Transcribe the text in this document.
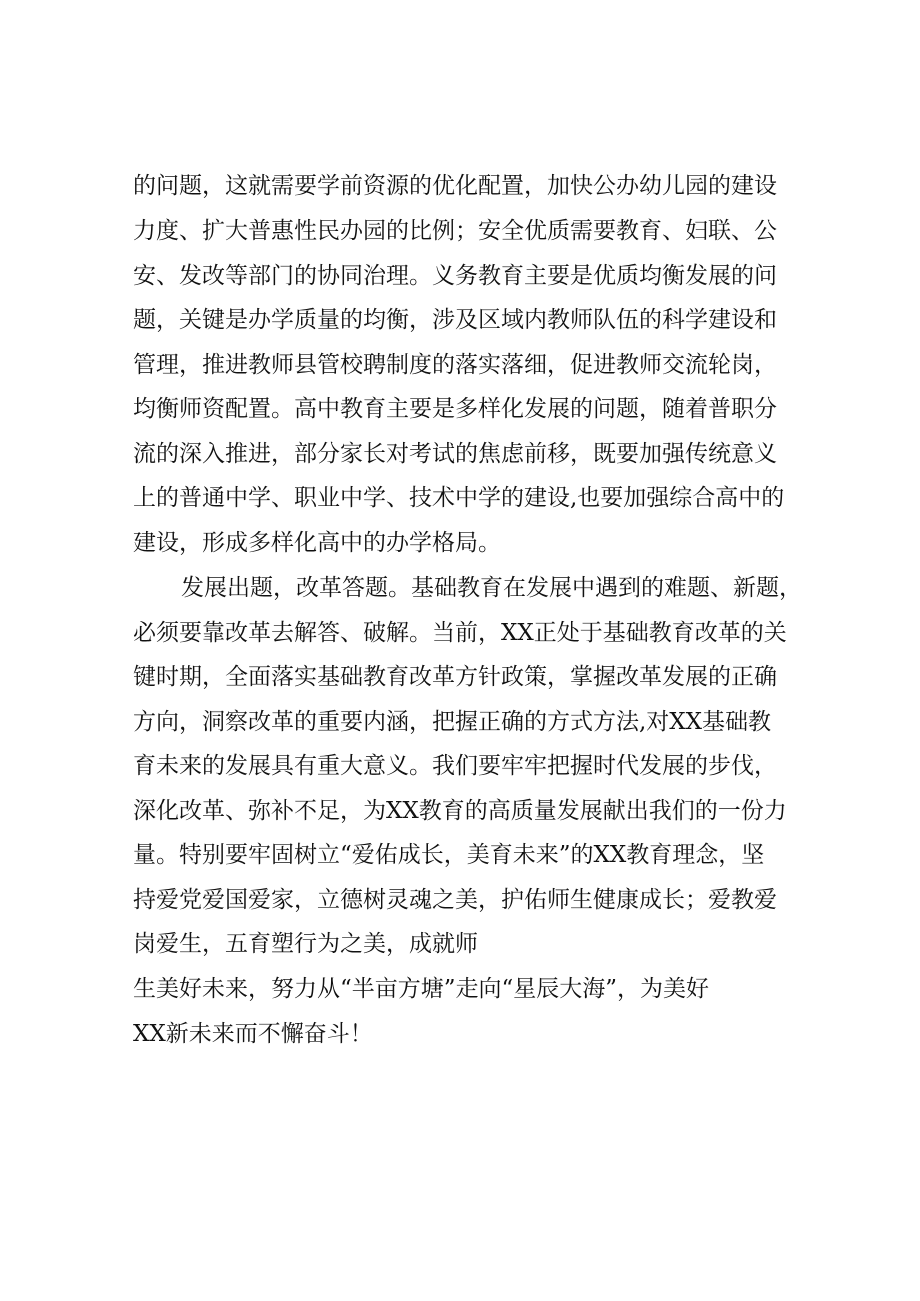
的问题，这就需要学前资源的优化配置，加快公办幼儿园的建设
力度、扩大普惠性民办园的比例；安全优质需要教育、妇联、公
安、发改等部门的协同治理。义务教育主要是优质均衡发展的问
题，关键是办学质量的均衡，涉及区域内教师队伍的科学建设和
管理，推进教师县管校聘制度的落实落细，促进教师交流轮岗，
均衡师资配置。高中教育主要是多样化发展的问题，随着普职分
流的深入推进，部分家长对考试的焦虑前移，既要加强传统意义
上的普通中学、职业中学、技术中学的建设,也要加强综合高中的
建设，形成多样化高中的办学格局。
发展出题，改革答题。基础教育在发展中遇到的难题、新题，
必须要靠改革去解答、破解。当前，XX正处于基础教育改革的关
键时期，全面落实基础教育改革方针政策，掌握改革发展的正确
方向，洞察改革的重要内涵，把握正确的方式方法,对XX基础教
育未来的发展具有重大意义。我们要牢牢把握时代发展的步伐，
深化改革、弥补不足，为XX教育的高质量发展献出我们的一份力
量。特别要牢固树立“爱佑成长，美育未来”的XX教育理念，坚
持爱党爱国爱家，立德树灵魂之美，护佑师生健康成长；爱教爱
岗爱生，五育塑行为之美，成就师
生美好未来，努力从“半亩方塘”走向“星辰大海”，为美好
XX新未来而不懈奋斗！
